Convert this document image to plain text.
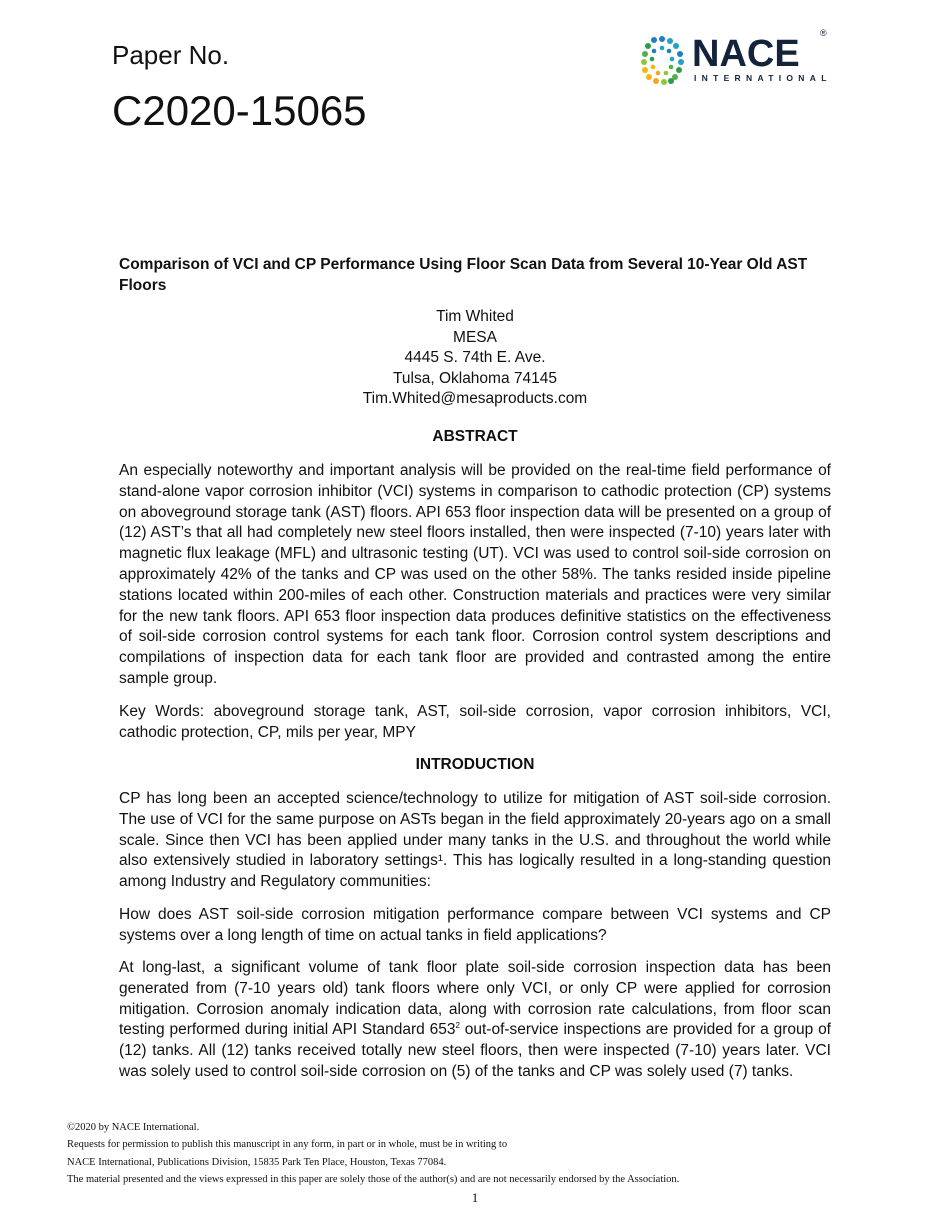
Paper No.
C2020-15065
NACE
INTERNATIONAL
®
Comparison of VCI and CP Performance Using Floor Scan Data from Several 10-Year Old AST Floors
Tim Whited
MESA
4445 S. 74th E. Ave.
Tulsa, Oklahoma 74145
Tim.Whited@mesaproducts.com
ABSTRACT

An especially noteworthy and important analysis will be provided on the real-time field performance of stand-alone vapor corrosion inhibitor (VCI) systems in comparison to cathodic protection (CP) systems on aboveground storage tank (AST) floors. API 653 floor inspection data will be presented on a group of (12) AST’s that all had completely new steel floors installed, then were inspected (7-10) years later with magnetic flux leakage (MFL) and ultrasonic testing (UT). VCI was used to control soil-side corrosion on approximately 42% of the tanks and CP was used on the other 58%. The tanks resided inside pipeline stations located within 200-miles of each other. Construction materials and practices were very similar for the new tank floors. API 653 floor inspection data produces definitive statistics on the effectiveness of soil-side corrosion control systems for each tank floor. Corrosion control system descriptions and compilations of inspection data for each tank floor are provided and contrasted among the entire sample group.

Key Words: aboveground storage tank, AST, soil-side corrosion, vapor corrosion inhibitors, VCI, cathodic protection, CP, mils per year, MPY

INTRODUCTION

CP has long been an accepted science/technology to utilize for mitigation of AST soil-side corrosion. The use of VCI for the same purpose on ASTs began in the field approximately 20-years ago on a small scale. Since then VCI has been applied under many tanks in the U.S. and throughout the world while also extensively studied in laboratory settings¹. This has logically resulted in a long-standing question among Industry and Regulatory communities:

How does AST soil-side corrosion mitigation performance compare between VCI systems and CP systems over a long length of time on actual tanks in field applications?

At long-last, a significant volume of tank floor plate soil-side corrosion inspection data has been generated from (7-10 years old) tank floors where only VCI, or only CP were applied for corrosion mitigation. Corrosion anomaly indication data, along with corrosion rate calculations, from floor scan testing performed during initial API Standard $653^2$ out-of-service inspections are provided for a group of (12) tanks. All (12) tanks received totally new steel floors, then were inspected (7-10) years later. VCI was solely used to control soil-side corrosion on (5) of the tanks and CP was solely used (7) tanks.

©2020 by NACE International.
Requests for permission to publish this manuscript in any form, in part or in whole, must be in writing to
NACE International, Publications Division, 15835 Park Ten Place, Houston, Texas 77084.
The material presented and the views expressed in this paper are solely those of the author(s) and are not necessarily endorsed by the Association.
1
